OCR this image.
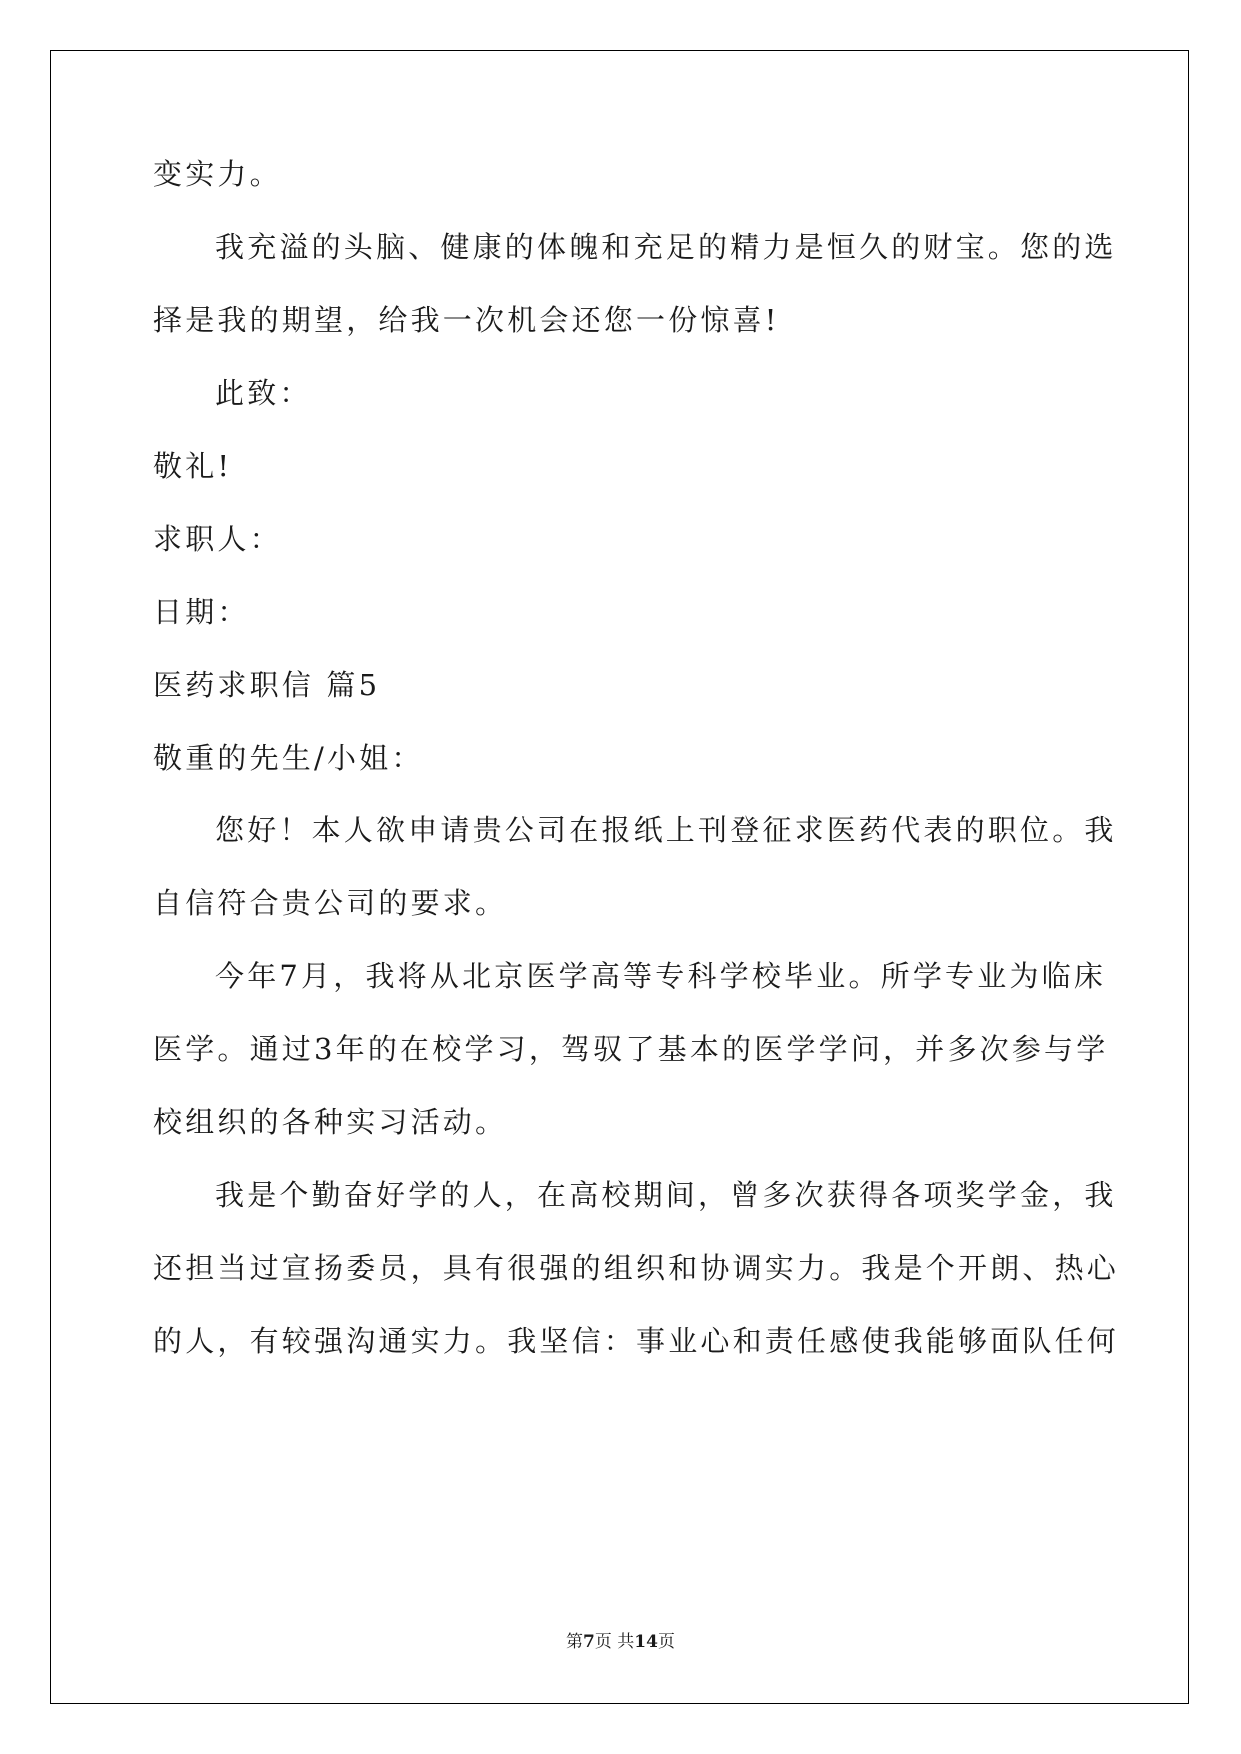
变实力。
我充溢的头脑、健康的体魄和充足的精力是恒久的财宝。您的选
择是我的期望，给我一次机会还您一份惊喜!
此致：
敬礼!
求职人：
日期：
医药求职信 篇5
敬重的先生/小姐：
您好！本人欲申请贵公司在报纸上刊登征求医药代表的职位。我
自信符合贵公司的要求。
今年7月，我将从北京医学高等专科学校毕业。所学专业为临床
医学。通过3年的在校学习，驾驭了基本的医学学问，并多次参与学
校组织的各种实习活动。
我是个勤奋好学的人，在高校期间，曾多次获得各项奖学金，我
还担当过宣扬委员，具有很强的组织和协调实力。我是个开朗、热心
的人，有较强沟通实力。我坚信：事业心和责任感使我能够面队任何
第7页 共14页
